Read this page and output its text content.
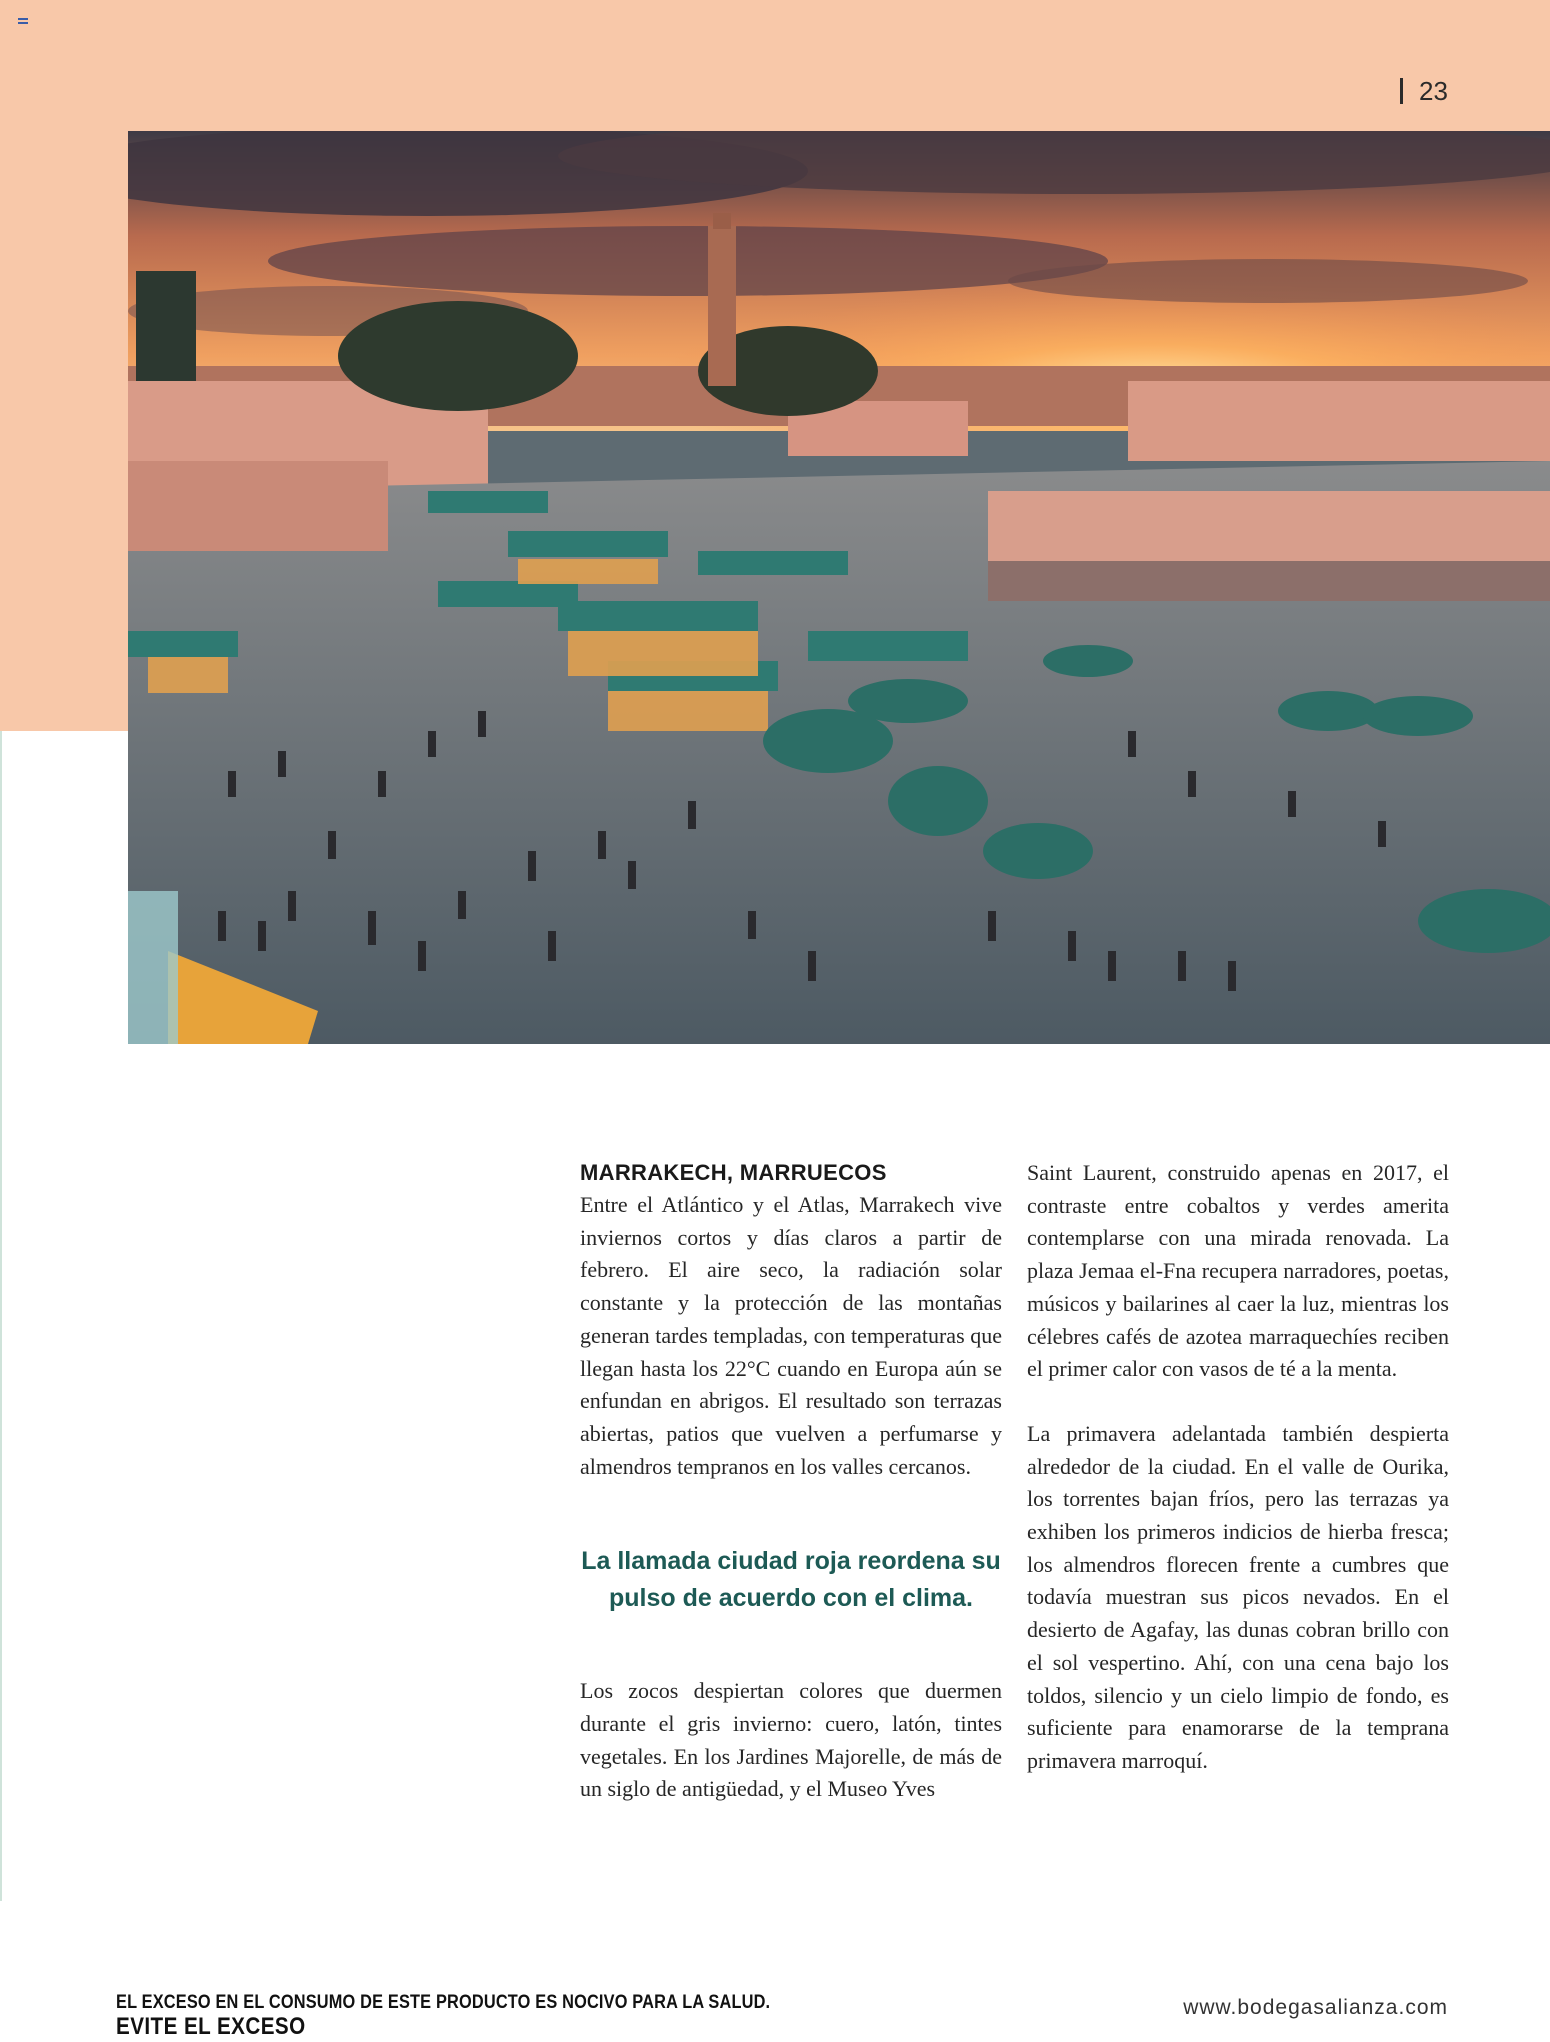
23
MARRAKECH, MARRUECOS

Entre el Atlántico y el Atlas, Marrakech vive inviernos cortos y días claros a partir de febrero. El aire seco, la radiación solar constante y la protección de las montañas generan tardes templadas, con temperaturas que llegan hasta los 22°C cuando en Europa aún se enfundan en abrigos. El resultado son terrazas abiertas, patios que vuelven a perfumarse y almendros tempranos en los valles cercanos.

La llamada ciudad roja reordena su pulso de acuerdo con el clima.

Los zocos despiertan colores que duermen durante el gris invierno: cuero, latón, tintes vegetales. En los Jardines Majorelle, de más de un siglo de antigüedad, y el Museo Yves

Saint Laurent, construido apenas en 2017, el contraste entre cobaltos y verdes amerita contemplarse con una mirada renovada. La plaza Jemaa el-Fna recupera narradores, poetas, músicos y bailarines al caer la luz, mientras los célebres cafés de azotea marraquechíes reciben el primer calor con vasos de té a la menta.

La primavera adelantada también despierta alrededor de la ciudad. En el valle de Ourika, los torrentes bajan fríos, pero las terrazas ya exhiben los primeros indicios de hierba fresca; los almendros florecen frente a cumbres que todavía muestran sus picos nevados. En el desierto de Agafay, las dunas cobran brillo con el sol vespertino. Ahí, con una cena bajo los toldos, silencio y un cielo limpio de fondo, es suficiente para enamorarse de la temprana primavera marroquí.

EL EXCESO EN EL CONSUMO DE ESTE PRODUCTO ES NOCIVO PARA LA SALUD.
EVITE EL EXCESO
www.bodegasalianza.com
